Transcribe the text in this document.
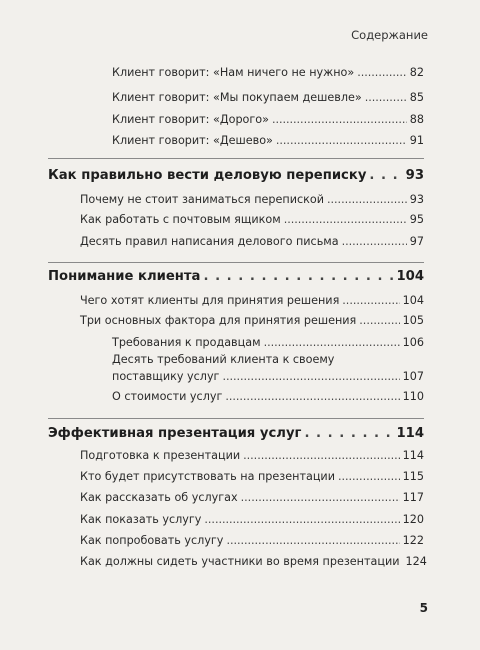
Содержание
Клиент говорит: «Нам ничего не нужно» . . .	82
Клиент говорит: «Мы покупаем дешевле» . . .	85
Клиент говорит: «Дорого» . . .	88
Клиент говорит: «Дешево» . . .	91
Как правильно вести деловую переписку . . .	93
Почему не стоит заниматься перепиской . . .	93
Как работать с почтовым ящиком . . .	95
Десять правил написания делового письма . . .	97
Понимание клиента . . .	104
Чего хотят клиенты для принятия решения . . .	104
Три основных фактора для принятия решения . . .	105
Требования к продавцам . . .	106
Десять требований клиента к своему
поставщику услуг . . .	107
О стоимости услуг . . .	110
Эффективная презентация услуг . . .	114
Подготовка к презентации . . .	114
Кто будет присутствовать на презентации . . .	115
Как рассказать об услугах . . .	117
Как показать услугу . . .	120
Как попробовать услугу . . .	122
Как должны сидеть участники во время презентации 124
5
